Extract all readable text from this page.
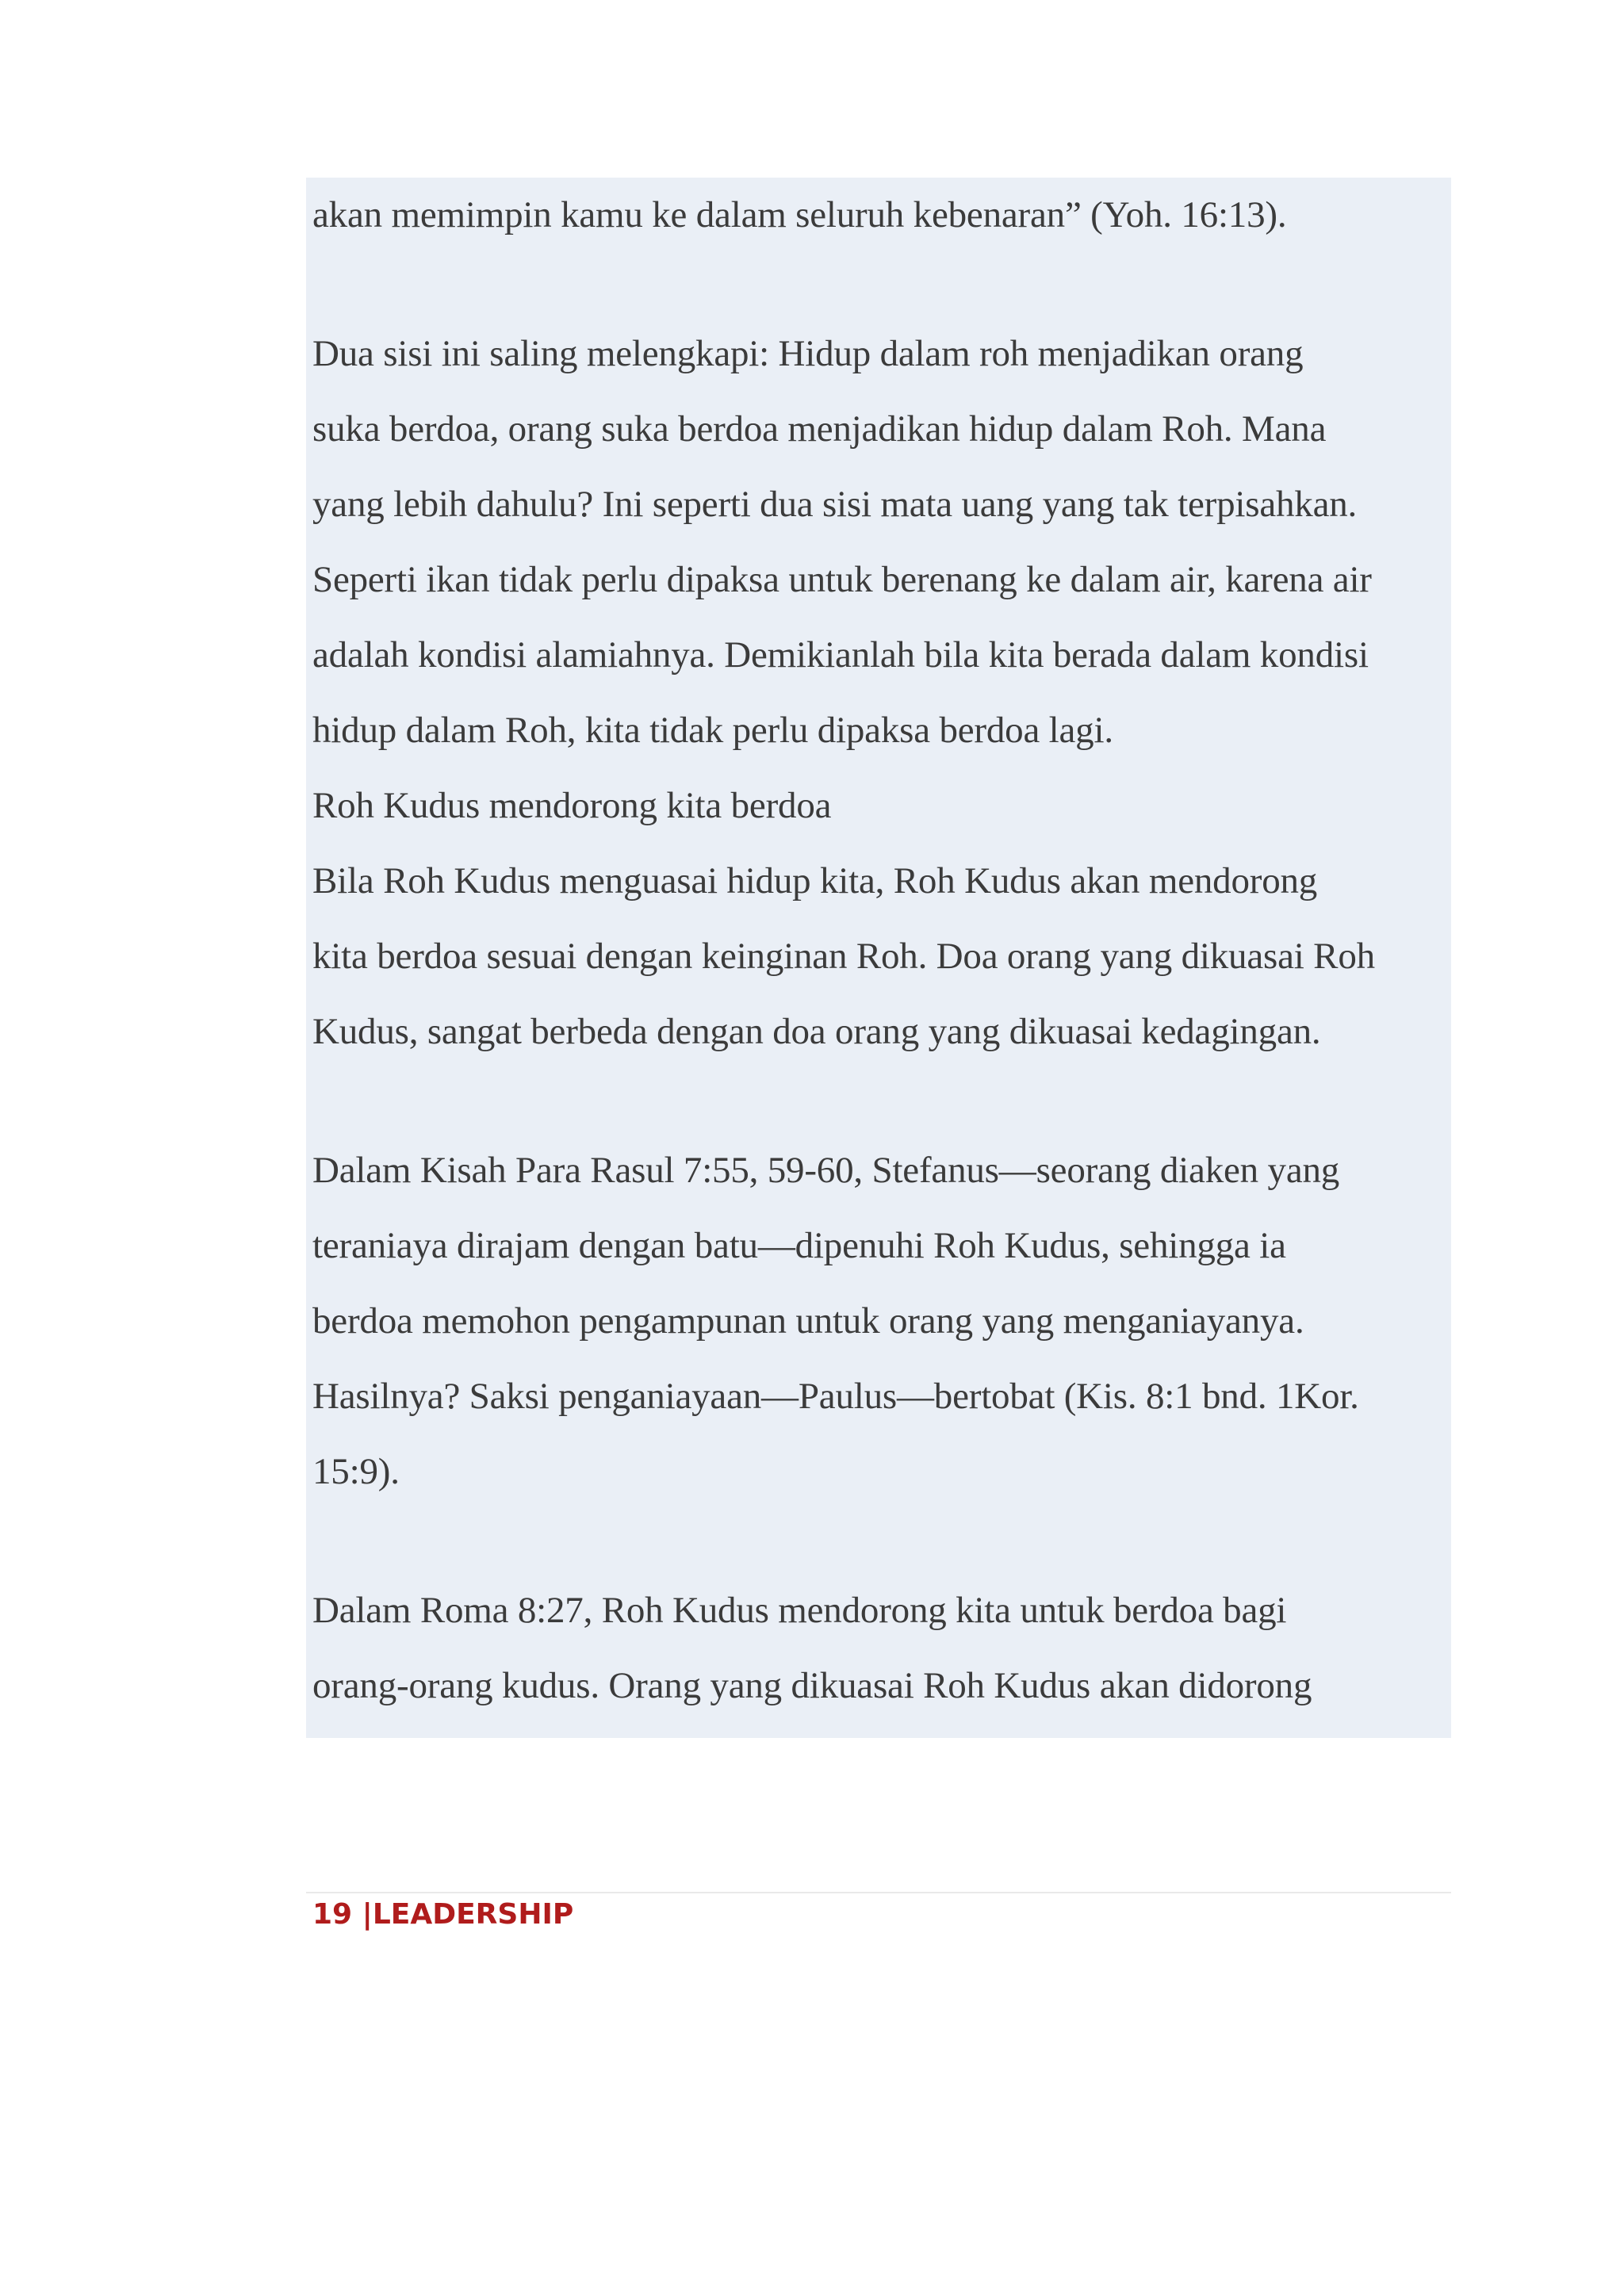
akan memimpin kamu ke dalam seluruh kebenaran” (Yoh. 16:13).
Dua sisi ini saling melengkapi: Hidup dalam roh menjadikan orang
suka berdoa, orang suka berdoa menjadikan hidup dalam Roh. Mana
yang lebih dahulu? Ini seperti dua sisi mata uang yang tak terpisahkan.
Seperti ikan tidak perlu dipaksa untuk berenang ke dalam air, karena air
adalah kondisi alamiahnya. Demikianlah bila kita berada dalam kondisi
hidup dalam Roh, kita tidak perlu dipaksa berdoa lagi.
Roh Kudus mendorong kita berdoa
Bila Roh Kudus menguasai hidup kita, Roh Kudus akan mendorong
kita berdoa sesuai dengan keinginan Roh. Doa orang yang dikuasai Roh
Kudus, sangat berbeda dengan doa orang yang dikuasai kedagingan.
Dalam Kisah Para Rasul 7:55, 59-60, Stefanus—seorang diaken yang
teraniaya dirajam dengan batu—dipenuhi Roh Kudus, sehingga ia
berdoa memohon pengampunan untuk orang yang menganiayanya.
Hasilnya? Saksi penganiayaan—Paulus—bertobat (Kis. 8:1 bnd. 1Kor.
15:9).
Dalam Roma 8:27, Roh Kudus mendorong kita untuk berdoa bagi
orang-orang kudus. Orang yang dikuasai Roh Kudus akan didorong
19 |LEADERSHIP
